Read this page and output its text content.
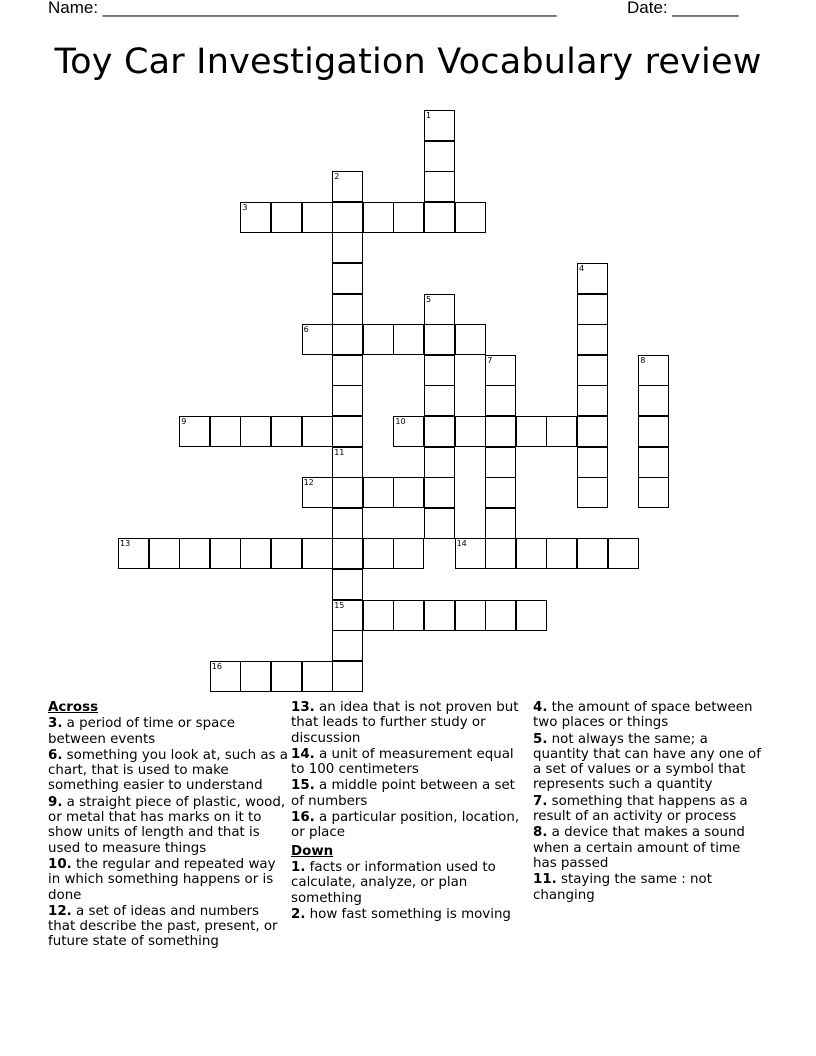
Name: ________________________________________________	Date: _______
Toy Car Investigation Vocabulary review
1
2
3
4
5
6
7	8
9	10
11
15
12
13	14
16

Across

3. a period of time or space between events

6. something you look at, such as a chart, that is used to make something easier to understand

9. a straight piece of plastic, wood, or metal that has marks on it to show units of length and that is used to measure things

10. the regular and repeated way in which something happens or is done

12. a set of ideas and numbers that describe the past, present, or future state of something

13. an idea that is not proven but that leads to further study or discussion

14. a unit of measurement equal to 100 centimeters

15. a middle point between a set of numbers

16. a particular position, location, or place

Down

1. facts or information used to calculate, analyze, or plan something

2. how fast something is moving

4. the amount of space between two places or things

5. not always the same; a quantity that can have any one of a set of values or a symbol that represents such a quantity

7. something that happens as a result of an activity or process

8. a device that makes a sound when a certain amount of time has passed

11. staying the same : not changing
